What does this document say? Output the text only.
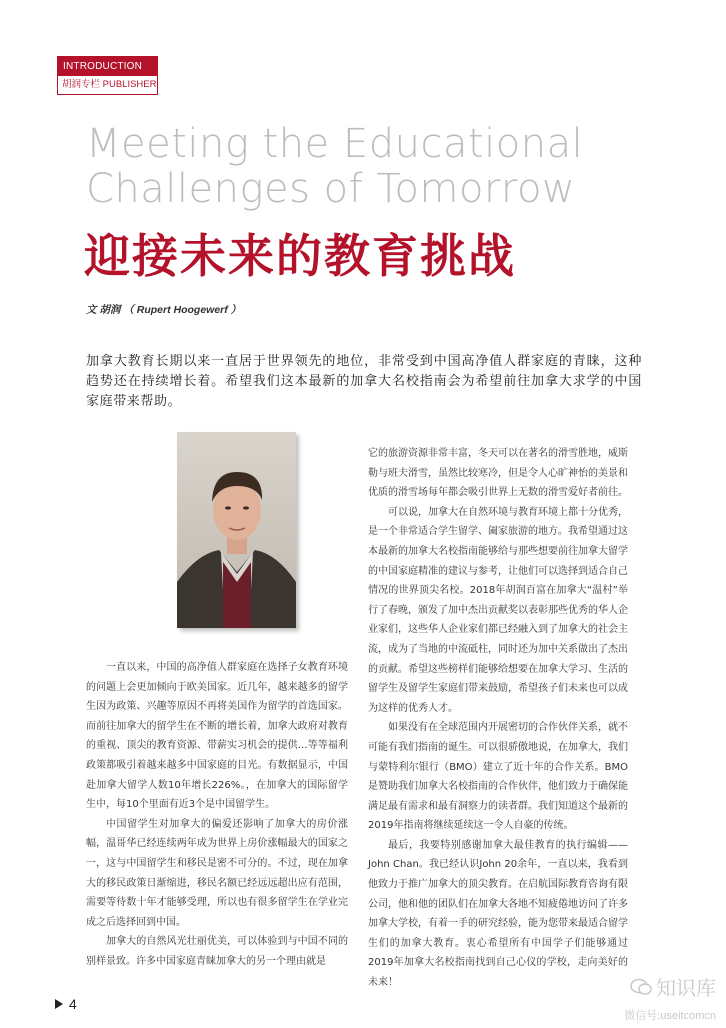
INTRODUCTION
胡润专栏 PUBLISHER
Meeting the Educational
Challenges of Tomorrow
迎接未来的教育挑战
文 胡润 （ Rupert Hoogewerf ）

加拿大教育长期以来一直居于世界领先的地位，非常受到中国高净值人群家庭的青睐，这种趋势还在持续增长着。希望我们这本最新的加拿大名校指南会为希望前往加拿大求学的中国家庭带来帮助。

一直以来，中国的高净值人群家庭在选择子女教育环境的问题上会更加倾向于欧美国家。近几年，越来越多的留学生因为政策、兴趣等原因不再将美国作为留学的首选国家。而前往加拿大的留学生在不断的增长着，加拿大政府对教育的重视、顶尖的教育资源、带薪实习机会的提供…等等福利政策都吸引着越来越多中国家庭的目光。有数据显示，中国赴加拿大留学人数10年增长226%。，在加拿大的国际留学生中，每10个里面有近3个是中国留学生。

中国留学生对加拿大的偏爱还影响了加拿大的房价涨幅，温哥华已经连续两年成为世界上房价涨幅最大的国家之一，这与中国留学生和移民是密不可分的。不过，现在加拿大的移民政策日渐缩进，移民名额已经远远超出应有范围，需要等待数十年才能够受理，所以也有很多留学生在学业完成之后选择回到中国。

加拿大的自然风光壮丽优美，可以体验到与中国不同的别样景致。许多中国家庭青睐加拿大的另一个理由就是

它的旅游资源非常丰富，冬天可以在著名的滑雪胜地，威斯勒与班夫滑雪，虽然比较寒冷，但是令人心旷神怡的美景和优质的滑雪场每年都会吸引世界上无数的滑雪爱好者前往。

可以说，加拿大在自然环境与教育环境上都十分优秀，是一个非常适合学生留学、阖家旅游的地方。我希望通过这本最新的加拿大名校指南能够给与那些想要前往加拿大留学的中国家庭精准的建议与参考，让他们可以选择到适合自己情况的世界顶尖名校。2018年胡润百富在加拿大“温村”举行了春晚，颁发了加中杰出贡献奖以表彰那些优秀的华人企业家们，这些华人企业家们都已经融入到了加拿大的社会主流，成为了当地的中流砥柱，同时还为加中关系做出了杰出的贡献。希望这些榜样们能够给想要在加拿大学习、生活的留学生及留学生家庭们带来鼓励，希望孩子们未来也可以成为这样的优秀人才。

如果没有在全球范围内开展密切的合作伙伴关系，就不可能有我们指南的诞生。可以很骄傲地说，在加拿大，我们与蒙特利尔银行（BMO）建立了近十年的合作关系。BMO是赞助我们加拿大名校指南的合作伙伴，他们致力于确保能满足最有需求和最有洞察力的读者群。我们知道这个最新的2019年指南将继续延续这一令人自豪的传统。

最后，我要特别感谢加拿大最佳教育的执行编辑——John Chan。我已经认识John 20余年，一直以来，我看到他致力于推广加拿大的顶尖教育。在启航国际教育咨询有限公司，他和他的团队们在加拿大各地不知疲倦地访问了许多加拿大学校，有着一手的研究经验，能为您带来最适合留学生们的加拿大教育。衷心希望所有中国学子们能够通过2019年加拿大名校指南找到自己心仪的学校，走向美好的未来！

4
知识库
微信号:useitcomcn
